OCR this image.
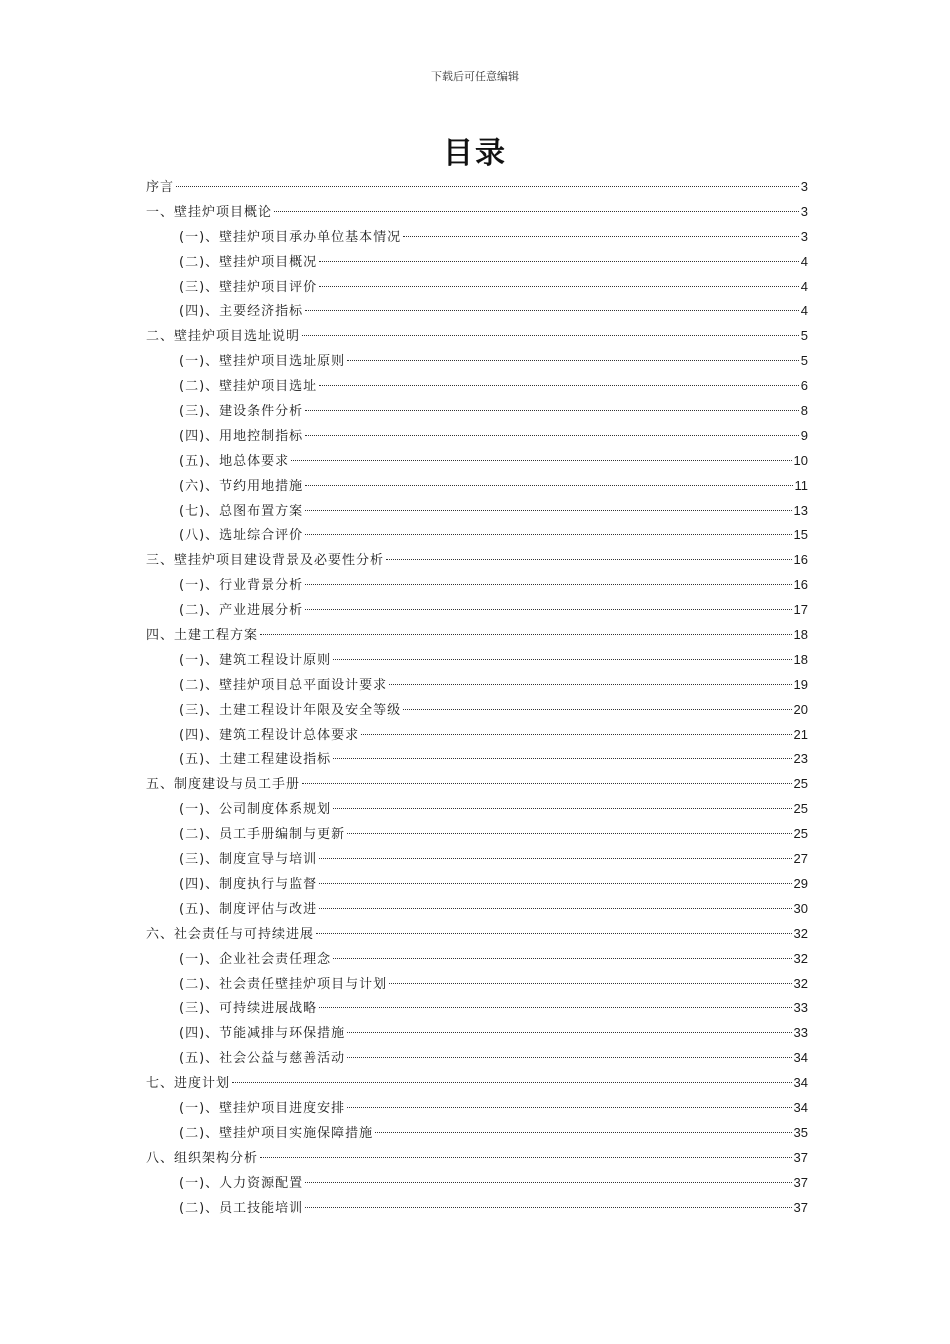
下载后可任意编辑
目录
序言	3
一、壁挂炉项目概论	3
(一)、壁挂炉项目承办单位基本情况	3
(二)、壁挂炉项目概况	4
(三)、壁挂炉项目评价	4
(四)、主要经济指标	4
二、壁挂炉项目选址说明	5
(一)、壁挂炉项目选址原则	5
(二)、壁挂炉项目选址	6
(三)、建设条件分析	8
(四)、用地控制指标	9
(五)、地总体要求	10
(六)、节约用地措施	11
(七)、总图布置方案	13
(八)、选址综合评价	15
三、壁挂炉项目建设背景及必要性分析	16
(一)、行业背景分析	16
(二)、产业进展分析	17
四、土建工程方案	18
(一)、建筑工程设计原则	18
(二)、壁挂炉项目总平面设计要求	19
(三)、土建工程设计年限及安全等级	20
(四)、建筑工程设计总体要求	21
(五)、土建工程建设指标	23
五、制度建设与员工手册	25
(一)、公司制度体系规划	25
(二)、员工手册编制与更新	25
(三)、制度宣导与培训	27
(四)、制度执行与监督	29
(五)、制度评估与改进	30
六、社会责任与可持续进展	32
(一)、企业社会责任理念	32
(二)、社会责任壁挂炉项目与计划	32
(三)、可持续进展战略	33
(四)、节能减排与环保措施	33
(五)、社会公益与慈善活动	34
七、进度计划	34
(一)、壁挂炉项目进度安排	34
(二)、壁挂炉项目实施保障措施	35
八、组织架构分析	37
(一)、人力资源配置	37
(二)、员工技能培训	37
